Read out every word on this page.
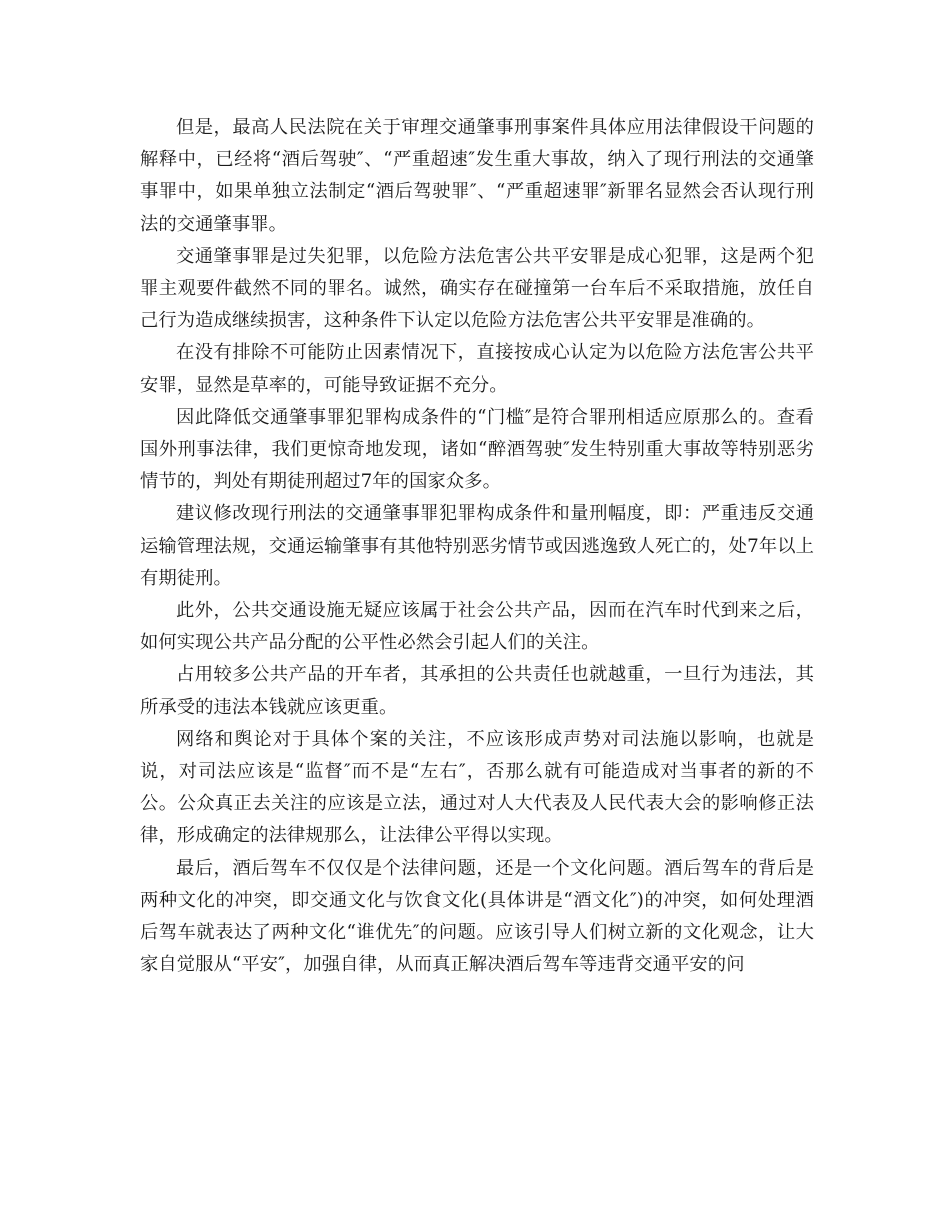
但是，最高人民法院在关于审理交通肇事刑事案件具体应用法律假设干问题的解释中，已经将“酒后驾驶″、“严重超速″发生重大事故，纳入了现行刑法的交通肇事罪中，如果单独立法制定“酒后驾驶罪″、“严重超速罪″新罪名显然会否认现行刑法的交通肇事罪。

交通肇事罪是过失犯罪，以危险方法危害公共平安罪是成心犯罪，这是两个犯罪主观要件截然不同的罪名。诚然，确实存在碰撞第一台车后不采取措施，放任自己行为造成继续损害，这种条件下认定以危险方法危害公共平安罪是准确的。

在没有排除不可能防止因素情况下，直接按成心认定为以危险方法危害公共平安罪，显然是草率的，可能导致证据不充分。

因此降低交通肇事罪犯罪构成条件的“门槛″是符合罪刑相适应原那么的。查看国外刑事法律，我们更惊奇地发现，诸如“醉酒驾驶″发生特别重大事故等特别恶劣情节的，判处有期徒刑超过7年的国家众多。

建议修改现行刑法的交通肇事罪犯罪构成条件和量刑幅度，即：严重违反交通运输管理法规，交通运输肇事有其他特别恶劣情节或因逃逸致人死亡的，处7年以上有期徒刑。

此外，公共交通设施无疑应该属于社会公共产品，因而在汽车时代到来之后，如何实现公共产品分配的公平性必然会引起人们的关注。

占用较多公共产品的开车者，其承担的公共责任也就越重，一旦行为违法，其所承受的违法本钱就应该更重。

网络和舆论对于具体个案的关注，不应该形成声势对司法施以影响，也就是说，对司法应该是“监督″而不是“左右″，否那么就有可能造成对当事者的新的不公。公众真正去关注的应该是立法，通过对人大代表及人民代表大会的影响修正法律，形成确定的法律规那么，让法律公平得以实现。

最后，酒后驾车不仅仅是个法律问题，还是一个文化问题。酒后驾车的背后是两种文化的冲突，即交通文化与饮食文化(具体讲是“酒文化″)的冲突，如何处理酒后驾车就表达了两种文化“谁优先″的问题。应该引导人们树立新的文化观念，让大家自觉服从“平安″，加强自律，从而真正解决酒后驾车等违背交通平安的问
